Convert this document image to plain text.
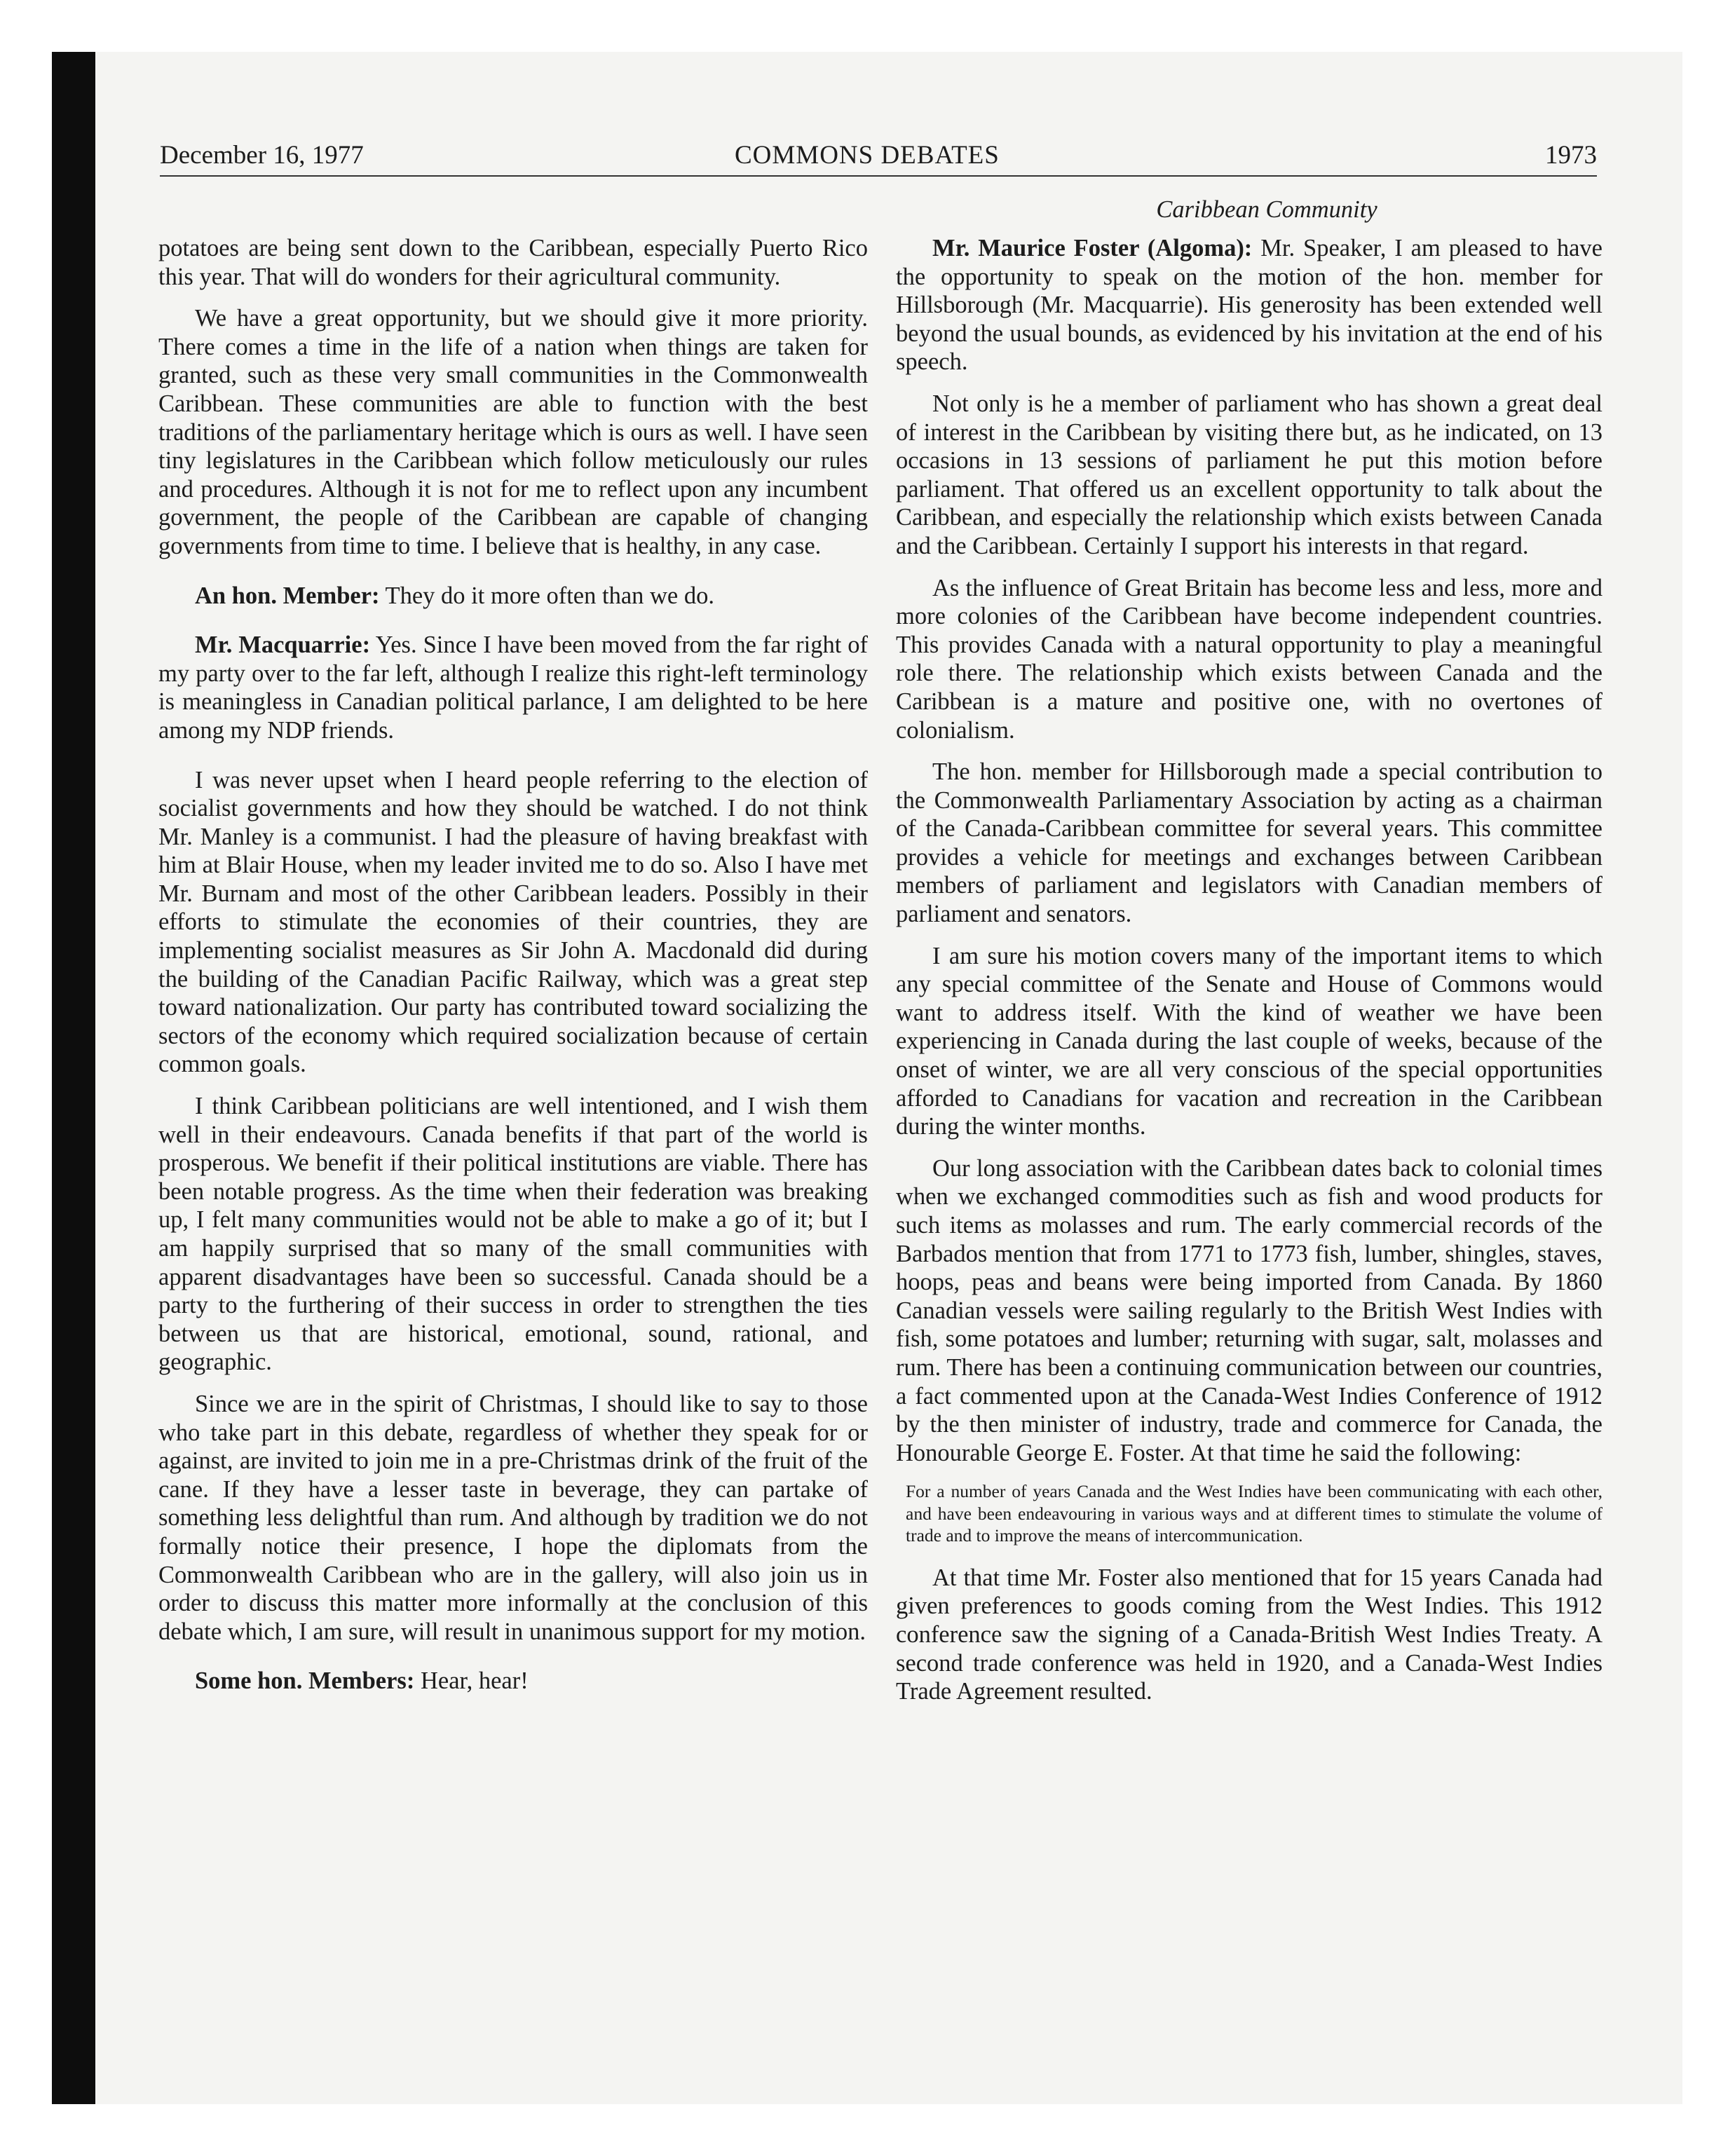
December 16, 1977	COMMONS DEBATES	1973

potatoes are being sent down to the Caribbean, especially Puerto Rico this year. That will do wonders for their agricultural community.

We have a great opportunity, but we should give it more priority. There comes a time in the life of a nation when things are taken for granted, such as these very small communities in the Commonwealth Caribbean. These communities are able to function with the best traditions of the parliamentary heritage which is ours as well. I have seen tiny legislatures in the Caribbean which follow meticulously our rules and procedures. Although it is not for me to reflect upon any incumbent government, the people of the Caribbean are capable of changing governments from time to time. I believe that is healthy, in any case.

An hon. Member: They do it more often than we do.

Mr. Macquarrie: Yes. Since I have been moved from the far right of my party over to the far left, although I realize this right-left terminology is meaningless in Canadian political parlance, I am delighted to be here among my NDP friends.

I was never upset when I heard people referring to the election of socialist governments and how they should be watched. I do not think Mr. Manley is a communist. I had the pleasure of having breakfast with him at Blair House, when my leader invited me to do so. Also I have met Mr. Burnam and most of the other Caribbean leaders. Possibly in their efforts to stimulate the economies of their countries, they are implementing socialist measures as Sir John A. Macdonald did during the building of the Canadian Pacific Railway, which was a great step toward nationalization. Our party has contributed toward socializing the sectors of the economy which required socialization because of certain common goals.

I think Caribbean politicians are well intentioned, and I wish them well in their endeavours. Canada benefits if that part of the world is prosperous. We benefit if their political institutions are viable. There has been notable progress. As the time when their federation was breaking up, I felt many communities would not be able to make a go of it; but I am happily surprised that so many of the small communities with apparent disadvantages have been so successful. Canada should be a party to the furthering of their success in order to strengthen the ties between us that are historical, emotional, sound, rational, and geographic.

Since we are in the spirit of Christmas, I should like to say to those who take part in this debate, regardless of whether they speak for or against, are invited to join me in a pre-Christmas drink of the fruit of the cane. If they have a lesser taste in beverage, they can partake of something less delightful than rum. And although by tradition we do not formally notice their presence, I hope the diplomats from the Commonwealth Caribbean who are in the gallery, will also join us in order to discuss this matter more informally at the conclusion of this debate which, I am sure, will result in unanimous support for my motion.

Some hon. Members: Hear, hear!

Caribbean Community

Mr. Maurice Foster (Algoma): Mr. Speaker, I am pleased to have the opportunity to speak on the motion of the hon. member for Hillsborough (Mr. Macquarrie). His generosity has been extended well beyond the usual bounds, as evidenced by his invitation at the end of his speech.

Not only is he a member of parliament who has shown a great deal of interest in the Caribbean by visiting there but, as he indicated, on 13 occasions in 13 sessions of parliament he put this motion before parliament. That offered us an excellent opportunity to talk about the Caribbean, and especially the relationship which exists between Canada and the Caribbean. Certainly I support his interests in that regard.

As the influence of Great Britain has become less and less, more and more colonies of the Caribbean have become independent countries. This provides Canada with a natural opportunity to play a meaningful role there. The relationship which exists between Canada and the Caribbean is a mature and positive one, with no overtones of colonialism.

The hon. member for Hillsborough made a special contribution to the Commonwealth Parliamentary Association by acting as a chairman of the Canada-Caribbean committee for several years. This committee provides a vehicle for meetings and exchanges between Caribbean members of parliament and legislators with Canadian members of parliament and senators.

I am sure his motion covers many of the important items to which any special committee of the Senate and House of Commons would want to address itself. With the kind of weather we have been experiencing in Canada during the last couple of weeks, because of the onset of winter, we are all very conscious of the special opportunities afforded to Canadians for vacation and recreation in the Caribbean during the winter months.

Our long association with the Caribbean dates back to colonial times when we exchanged commodities such as fish and wood products for such items as molasses and rum. The early commercial records of the Barbados mention that from 1771 to 1773 fish, lumber, shingles, staves, hoops, peas and beans were being imported from Canada. By 1860 Canadian vessels were sailing regularly to the British West Indies with fish, some potatoes and lumber; returning with sugar, salt, molasses and rum. There has been a continuing communication between our countries, a fact commented upon at the Canada-West Indies Conference of 1912 by the then minister of industry, trade and commerce for Canada, the Honourable George E. Foster. At that time he said the following:

For a number of years Canada and the West Indies have been communicating with each other, and have been endeavouring in various ways and at different times to stimulate the volume of trade and to improve the means of intercommunication.

At that time Mr. Foster also mentioned that for 15 years Canada had given preferences to goods coming from the West Indies. This 1912 conference saw the signing of a Canada-British West Indies Treaty. A second trade conference was held in 1920, and a Canada-West Indies Trade Agreement resulted.
